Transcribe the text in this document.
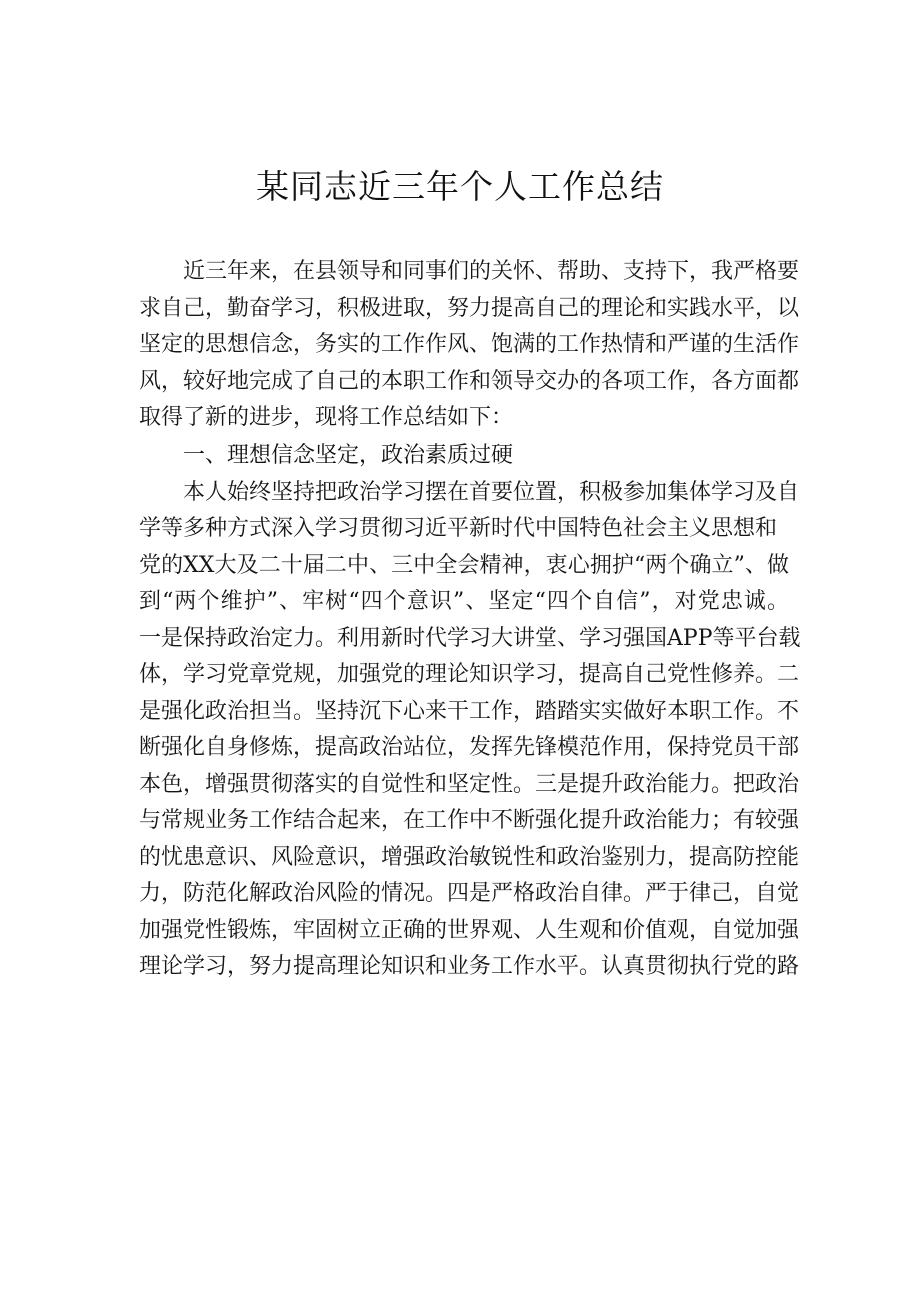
某同志近三年个人工作总结
近三年来，在县领导和同事们的关怀、帮助、支持下，我严格要
求自己，勤奋学习，积极进取，努力提高自己的理论和实践水平，以
坚定的思想信念，务实的工作作风、饱满的工作热情和严谨的生活作
风，较好地完成了自己的本职工作和领导交办的各项工作，各方面都
取得了新的进步，现将工作总结如下：
一、理想信念坚定，政治素质过硬
本人始终坚持把政治学习摆在首要位置，积极参加集体学习及自
学等多种方式深入学习贯彻习近平新时代中国特色社会主义思想和
党的XX大及二十届二中、三中全会精神，衷心拥护“两个确立”、做
到“两个维护”、牢树“四个意识”、坚定“四个自信”，对党忠诚。
一是保持政治定力。利用新时代学习大讲堂、学习强国APP等平台载
体，学习党章党规，加强党的理论知识学习，提高自己党性修养。二
是强化政治担当。坚持沉下心来干工作，踏踏实实做好本职工作。不
断强化自身修炼，提高政治站位，发挥先锋模范作用，保持党员干部
本色，增强贯彻落实的自觉性和坚定性。三是提升政治能力。把政治
与常规业务工作结合起来，在工作中不断强化提升政治能力；有较强
的忧患意识、风险意识，增强政治敏锐性和政治鉴别力，提高防控能
力，防范化解政治风险的情况。四是严格政治自律。严于律己，自觉
加强党性锻炼，牢固树立正确的世界观、人生观和价值观，自觉加强
理论学习，努力提高理论知识和业务工作水平。认真贯彻执行党的路
